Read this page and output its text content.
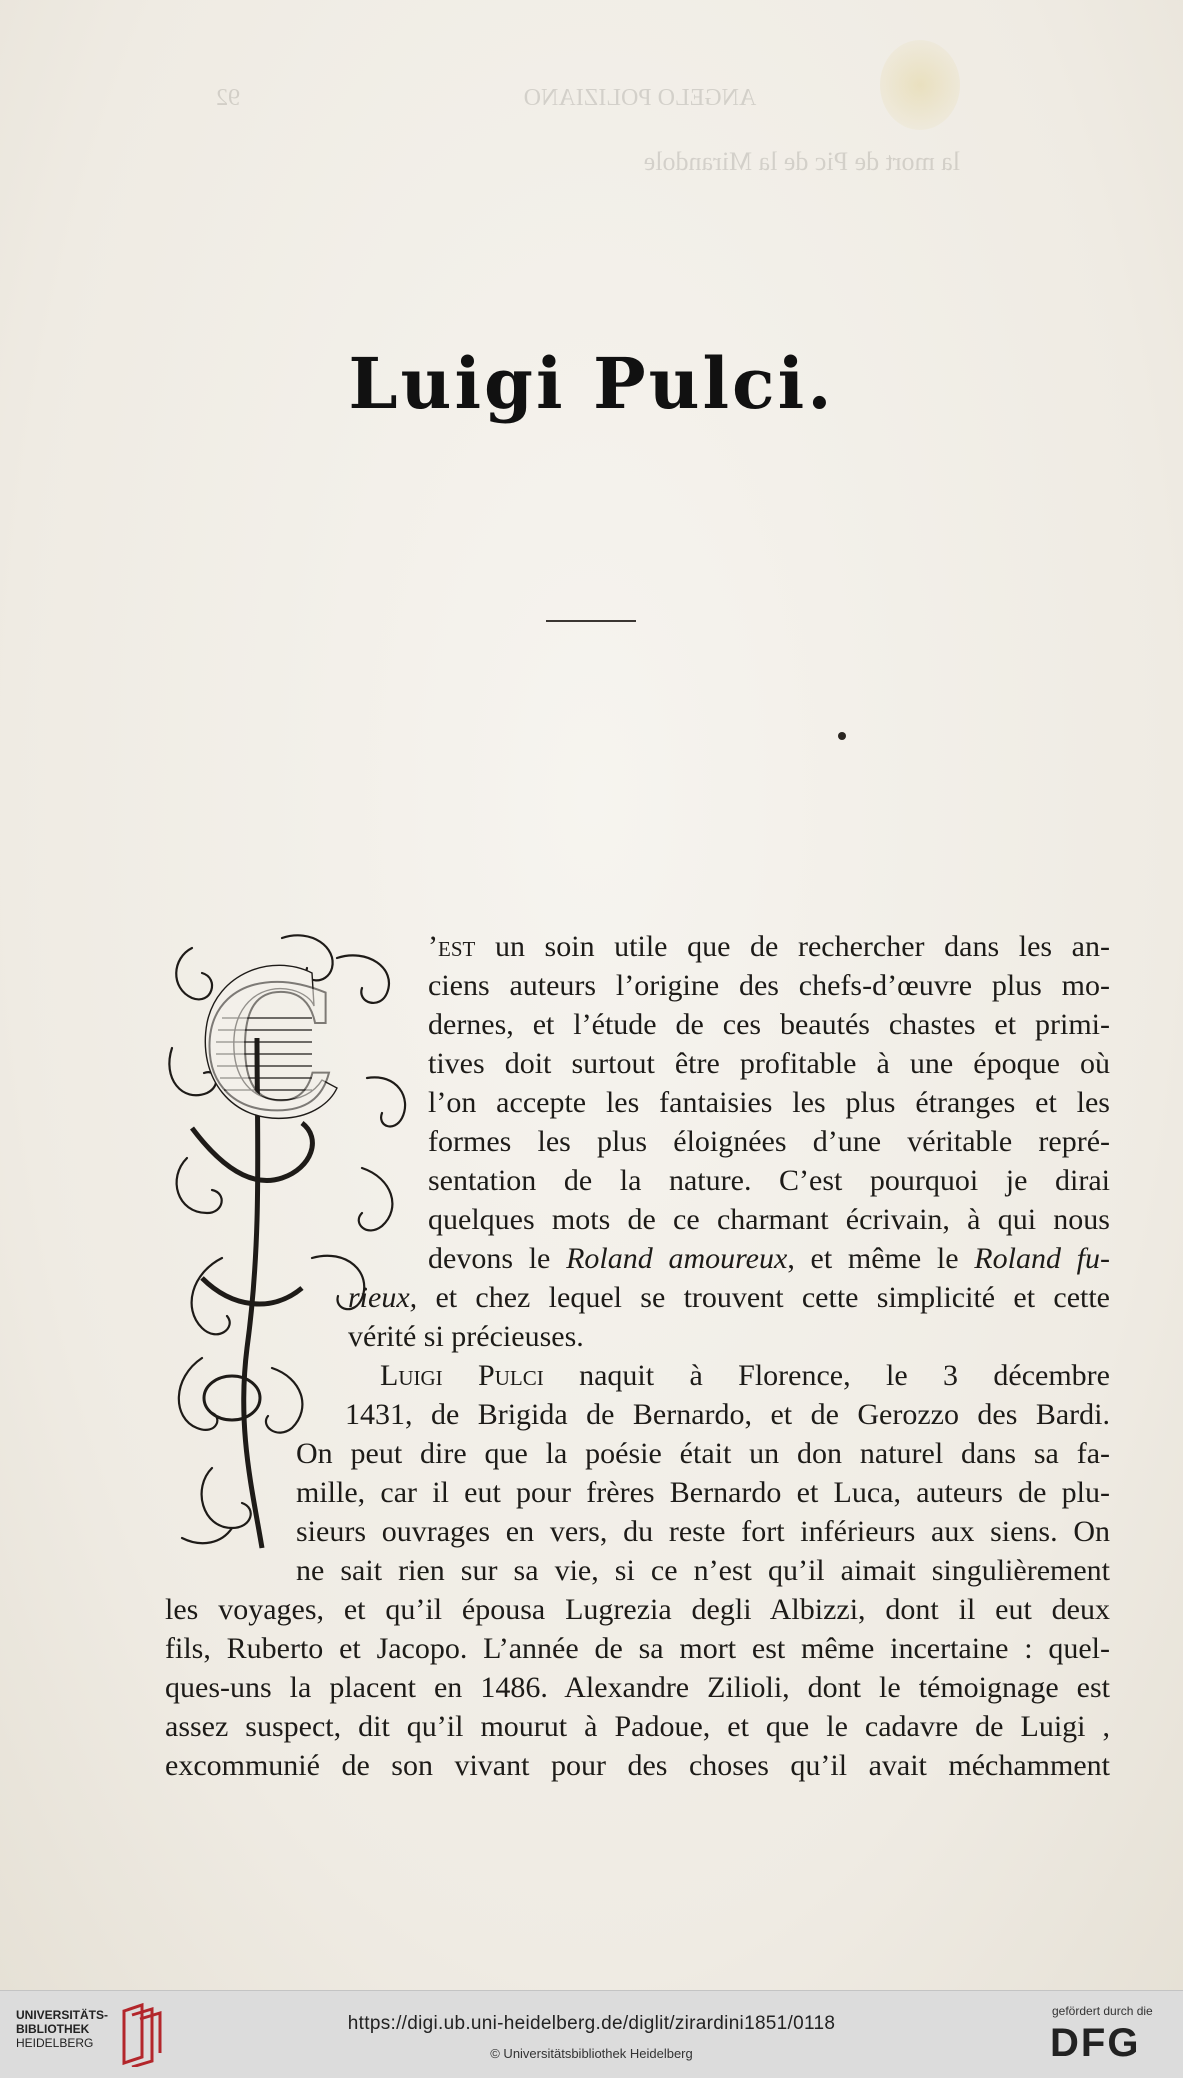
ANGELO POLIZIANO
92
la mort de Pic de la Mirandole
Luigi Pulci.
C
’est un soin utile que de rechercher dans les an-
ciens auteurs l’origine des chefs-d’œuvre plus mo-
dernes, et l’étude de ces beautés chastes et primi-
tives doit surtout être profitable à une époque où
l’on accepte les fantaisies les plus étranges et les
formes les plus éloignées d’une véritable repré-
sentation de la nature. C’est pourquoi je dirai
quelques mots de ce charmant écrivain, à qui nous
devons le Roland amoureux, et même le Roland fu-
rieux, et chez lequel se trouvent cette simplicité et cette
vérité si précieuses.
Luigi Pulci naquit à Florence, le 3 décembre
1431, de Brigida de Bernardo, et de Gerozzo des Bardi.
On peut dire que la poésie était un don naturel dans sa fa-
mille, car il eut pour frères Bernardo et Luca, auteurs de plu-
sieurs ouvrages en vers, du reste fort inférieurs aux siens. On
ne sait rien sur sa vie, si ce n’est qu’il aimait singulièrement
les voyages, et qu’il épousa Lugrezia degli Albizzi, dont il eut deux
fils, Ruberto et Jacopo. L’année de sa mort est même incertaine : quel-
ques-uns la placent en 1486. Alexandre Zilioli, dont le témoignage est
assez suspect, dit qu’il mourut à Padoue, et que le cadavre de Luigi ,
excommunié de son vivant pour des choses qu’il avait méchamment
UNIVERSITÄTS-
BIBLIOTHEK
HEIDELBERG
https://digi.ub.uni-heidelberg.de/diglit/zirardini1851/0118
© Universitätsbibliothek Heidelberg
gefördert durch die
DFG
